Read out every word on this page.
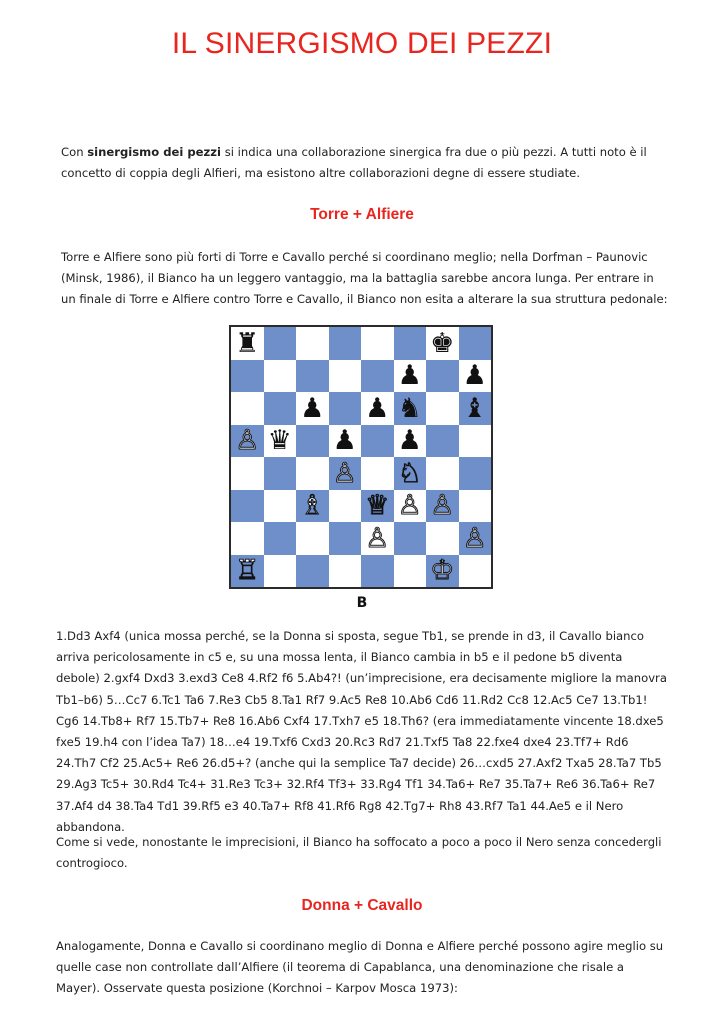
IL SINERGISMO DEI PEZZI

Con sinergismo dei pezzi si indica una collaborazione sinergica fra due o più pezzi. A tutti noto è il concetto di coppia degli Alfieri, ma esistono altre collaborazioni degne di essere studiate.

Torre + Alfiere

Torre e Alfiere sono più forti di Torre e Cavallo perché si coordinano meglio; nella Dorfman – Paunovic (Minsk, 1986), il Bianco ha un leggero vantaggio, ma la battaglia sarebbe ancora lunga. Per entrare in un finale di Torre e Alfiere contro Torre e Cavallo, il Bianco non esita a alterare la sua struttura pedonale:

♜	♚
♟ ♟
♟ ♟ ♞ ♝
♙ ♛ ♟ ♟
♙ ♘
♗ ♕ ♙ ♙
♙	♙
♖	♔
B

1.Dd3 Axf4 (unica mossa perché, se la Donna si sposta, segue Tb1, se prende in d3, il Cavallo bianco arriva pericolosamente in c5 e, su una mossa lenta, il Bianco cambia in b5 e il pedone b5 diventa debole) 2.gxf4 Dxd3 3.exd3 Ce8 4.Rf2 f6 5.Ab4?! (un’imprecisione, era decisamente migliore la manovra Tb1–b6) 5…Cc7 6.Tc1 Ta6 7.Re3 Cb5 8.Ta1 Rf7 9.Ac5 Re8 10.Ab6 Cd6 11.Rd2 Cc8 12.Ac5 Ce7 13.Tb1! Cg6 14.Tb8+ Rf7 15.Tb7+ Re8 16.Ab6 Cxf4 17.Txh7 e5 18.Th6? (era immediatamente vincente 18.dxe5 fxe5 19.h4 con l’idea Ta7) 18…e4 19.Txf6 Cxd3 20.Rc3 Rd7 21.Txf5 Ta8 22.fxe4 dxe4 23.Tf7+ Rd6 24.Th7 Cf2 25.Ac5+ Re6 26.d5+? (anche qui la semplice Ta7 decide) 26…cxd5 27.Axf2 Txa5 28.Ta7 Tb5 29.Ag3 Tc5+ 30.Rd4 Tc4+ 31.Re3 Tc3+ 32.Rf4 Tf3+ 33.Rg4 Tf1 34.Ta6+ Re7 35.Ta7+ Re6 36.Ta6+ Re7 37.Af4 d4 38.Ta4 Td1 39.Rf5 e3 40.Ta7+ Rf8 41.Rf6 Rg8 42.Tg7+ Rh8 43.Rf7 Ta1 44.Ae5 e il Nero abbandona.

Come si vede, nonostante le imprecisioni, il Bianco ha soffocato a poco a poco il Nero senza concedergli controgioco.

Donna + Cavallo

Analogamente, Donna e Cavallo si coordinano meglio di Donna e Alfiere perché possono agire meglio su quelle case non controllate dall’Alfiere (il teorema di Capablanca, una denominazione che risale a Mayer). Osservate questa posizione (Korchnoi – Karpov Mosca 1973):
